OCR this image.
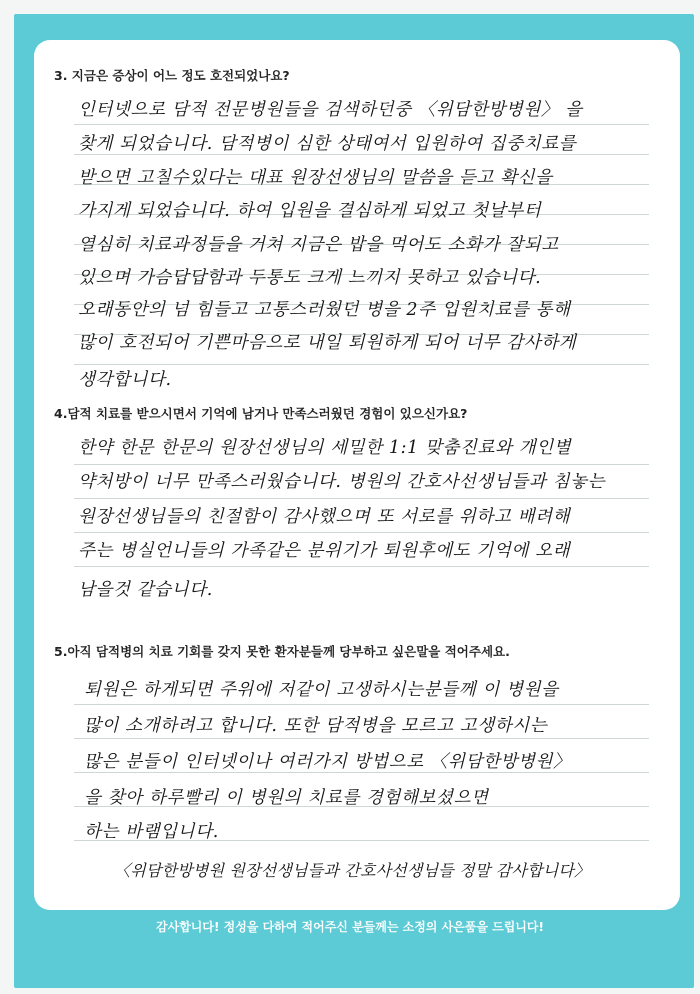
3. 지금은 증상이 어느 정도 호전되었나요?
인터넷으로 담적 전문병원들을 검색하던중 〈위담한방병원〉 을
찾게 되었습니다. 담적병이 심한 상태여서 입원하여 집중치료를
받으면 고칠수있다는 대표 원장선생님의 말씀을 듣고 확신을
가지게 되었습니다. 하여 입원을 결심하게 되었고 첫날부터
열심히 치료과정들을 거쳐 지금은 밥을 먹어도 소화가 잘되고
있으며 가슴답답함과 두통도 크게 느끼지 못하고 있습니다.
오래동안의 넘 힘들고 고통스러웠던 병을 2주 입원치료를 통해
많이 호전되어 기쁜마음으로 내일 퇴원하게 되어 너무 감사하게
생각합니다.
4.담적 치료를 받으시면서 기억에 남거나 만족스러웠던 경험이 있으신가요?
한약 한문 한문의 원장선생님의 세밀한 1:1 맞춤진료와 개인별
약처방이 너무 만족스러웠습니다. 병원의 간호사선생님들과 침놓는
원장선생님들의 친절함이 감사했으며 또 서로를 위하고 배려해
주는 병실언니들의 가족같은 분위기가 퇴원후에도 기억에 오래
남을것 같습니다.
5.아직 담적병의 치료 기회를 갖지 못한 환자분들께 당부하고 싶은말을 적어주세요.
퇴원은 하게되면 주위에 저같이 고생하시는분들께 이 병원을
많이 소개하려고 합니다. 또한 담적병을 모르고 고생하시는
많은 분들이 인터넷이나 여러가지 방법으로 〈위담한방병원〉
을 찾아 하루빨리 이 병원의 치료를 경험해보셨으면
하는 바램입니다.
〈위담한방병원 원장선생님들과 간호사선생님들 정말 감사합니다〉
감사합니다! 정성을 다하여 적어주신 분들께는 소정의 사은품을 드립니다!
